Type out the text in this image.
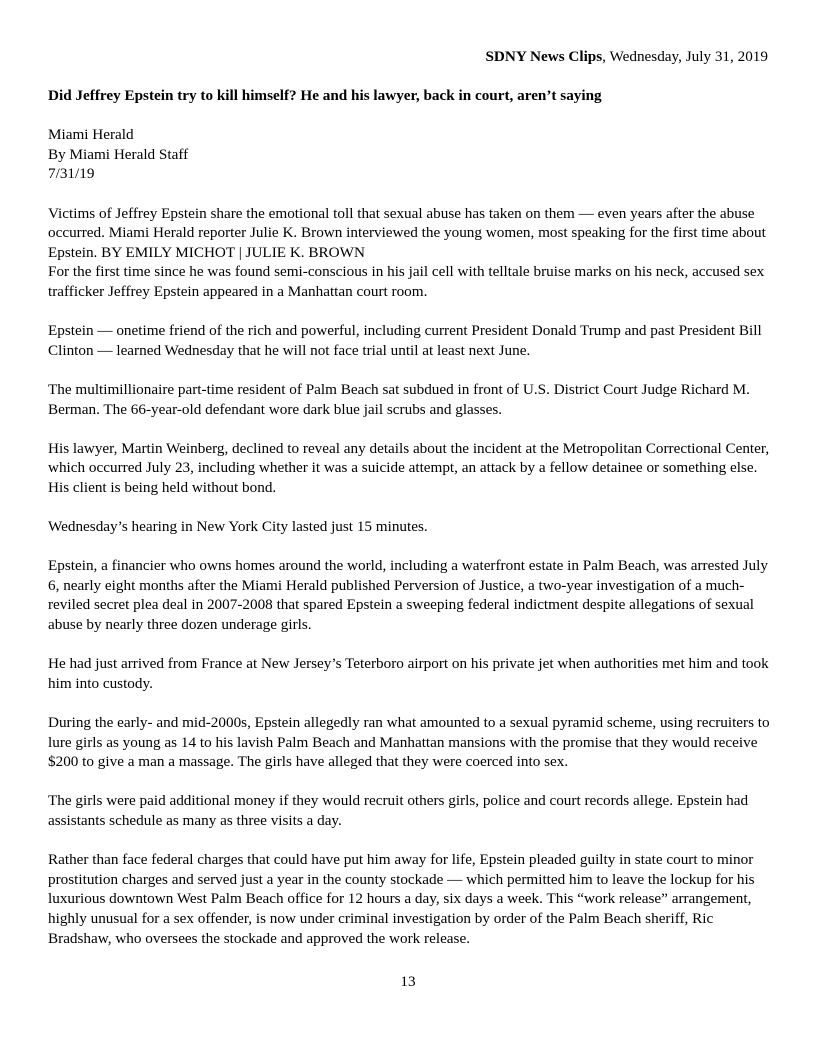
SDNY News Clips, Wednesday, July 31, 2019
Did Jeffrey Epstein try to kill himself? He and his lawyer, back in court, aren’t saying
Miami Herald
By Miami Herald Staff
7/31/19

Victims of Jeffrey Epstein share the emotional toll that sexual abuse has taken on them — even years after the abuse occurred. Miami Herald reporter Julie K. Brown interviewed the young women, most speaking for the first time about Epstein. BY EMILY MICHOT | JULIE K. BROWN

For the first time since he was found semi-conscious in his jail cell with telltale bruise marks on his neck, accused sex trafficker Jeffrey Epstein appeared in a Manhattan court room.

Epstein — onetime friend of the rich and powerful, including current President Donald Trump and past President Bill Clinton — learned Wednesday that he will not face trial until at least next June.

The multimillionaire part-time resident of Palm Beach sat subdued in front of U.S. District Court Judge Richard M. Berman. The 66-year-old defendant wore dark blue jail scrubs and glasses.

His lawyer, Martin Weinberg, declined to reveal any details about the incident at the Metropolitan Correctional Center, which occurred July 23, including whether it was a suicide attempt, an attack by a fellow detainee or something else. His client is being held without bond.

Wednesday’s hearing in New York City lasted just 15 minutes.

Epstein, a financier who owns homes around the world, including a waterfront estate in Palm Beach, was arrested July 6, nearly eight months after the Miami Herald published Perversion of Justice, a two-year investigation of a much-reviled secret plea deal in 2007-2008 that spared Epstein a sweeping federal indictment despite allegations of sexual abuse by nearly three dozen underage girls.

He had just arrived from France at New Jersey’s Teterboro airport on his private jet when authorities met him and took him into custody.

During the early- and mid-2000s, Epstein allegedly ran what amounted to a sexual pyramid scheme, using recruiters to lure girls as young as 14 to his lavish Palm Beach and Manhattan mansions with the promise that they would receive $200 to give a man a massage. The girls have alleged that they were coerced into sex.

The girls were paid additional money if they would recruit others girls, police and court records allege. Epstein had assistants schedule as many as three visits a day.

Rather than face federal charges that could have put him away for life, Epstein pleaded guilty in state court to minor prostitution charges and served just a year in the county stockade — which permitted him to leave the lockup for his luxurious downtown West Palm Beach office for 12 hours a day, six days a week. This “work release” arrangement, highly unusual for a sex offender, is now under criminal investigation by order of the Palm Beach sheriff, Ric Bradshaw, who oversees the stockade and approved the work release.

13
